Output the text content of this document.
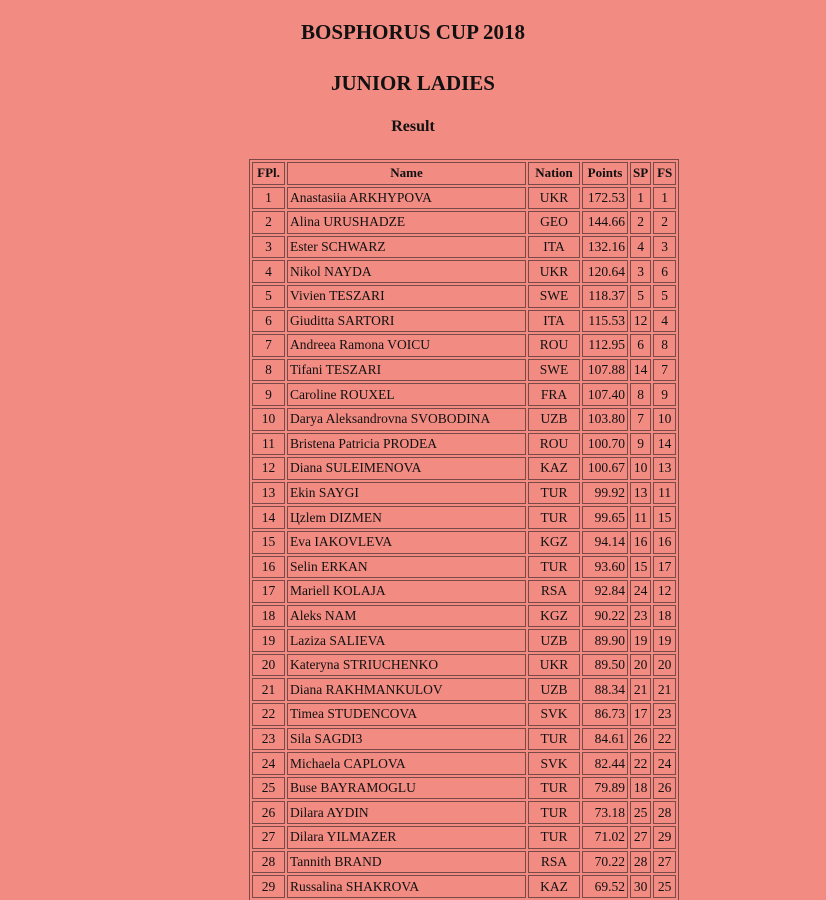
BOSPHORUS CUP 2018
JUNIOR LADIES
Result
FPl.	Name	Nation	Points	SP	FS
1	Anastasiia ARKHYPOVA	UKR	172.53	1	1
2	Alina URUSHADZE	GEO	144.66	2	2
3	Ester SCHWARZ	ITA	132.16	4	3
4	Nikol NAYDA	UKR	120.64	3	6
5	Vivien TESZARI	SWE	118.37	5	5
6	Giuditta SARTORI	ITA	115.53	12	4
7	Andreea Ramona VOICU	ROU	112.95	6	8
8	Tifani TESZARI	SWE	107.88	14	7
9	Caroline ROUXEL	FRA	107.40	8	9
10	Darya Aleksandrovna SVOBODINA	UZB	103.80	7	10
11	Bristena Patricia PRODEA	ROU	100.70	9	14
12	Diana SULEIMENOVA	KAZ	100.67	10	13
13	Ekin SAYGI	TUR	99.92	13	11
14	Цzlem DIZMEN	TUR	99.65	11	15
15	Eva IAKOVLEVA	KGZ	94.14	16	16
16	Selin ERKAN	TUR	93.60	15	17
17	Mariell KOLAJA	RSA	92.84	24	12
18	Aleks NAM	KGZ	90.22	23	18
19	Laziza SALIEVA	UZB	89.90	19	19
20	Kateryna STRIUCHENKO	UKR	89.50	20	20
21	Diana RAKHMANKULOV	UZB	88.34	21	21
22	Timea STUDENCOVA	SVK	86.73	17	23
23	Sila SAGDI3	TUR	84.61	26	22
24	Michaela CAPLOVA	SVK	82.44	22	24
25	Buse BAYRAMOGLU	TUR	79.89	18	26
26	Dilara AYDIN	TUR	73.18	25	28
27	Dilara YILMAZER	TUR	71.02	27	29
28	Tannith BRAND	RSA	70.22	28	27
29	Russalina SHAKROVA	KAZ	69.52	30	25
